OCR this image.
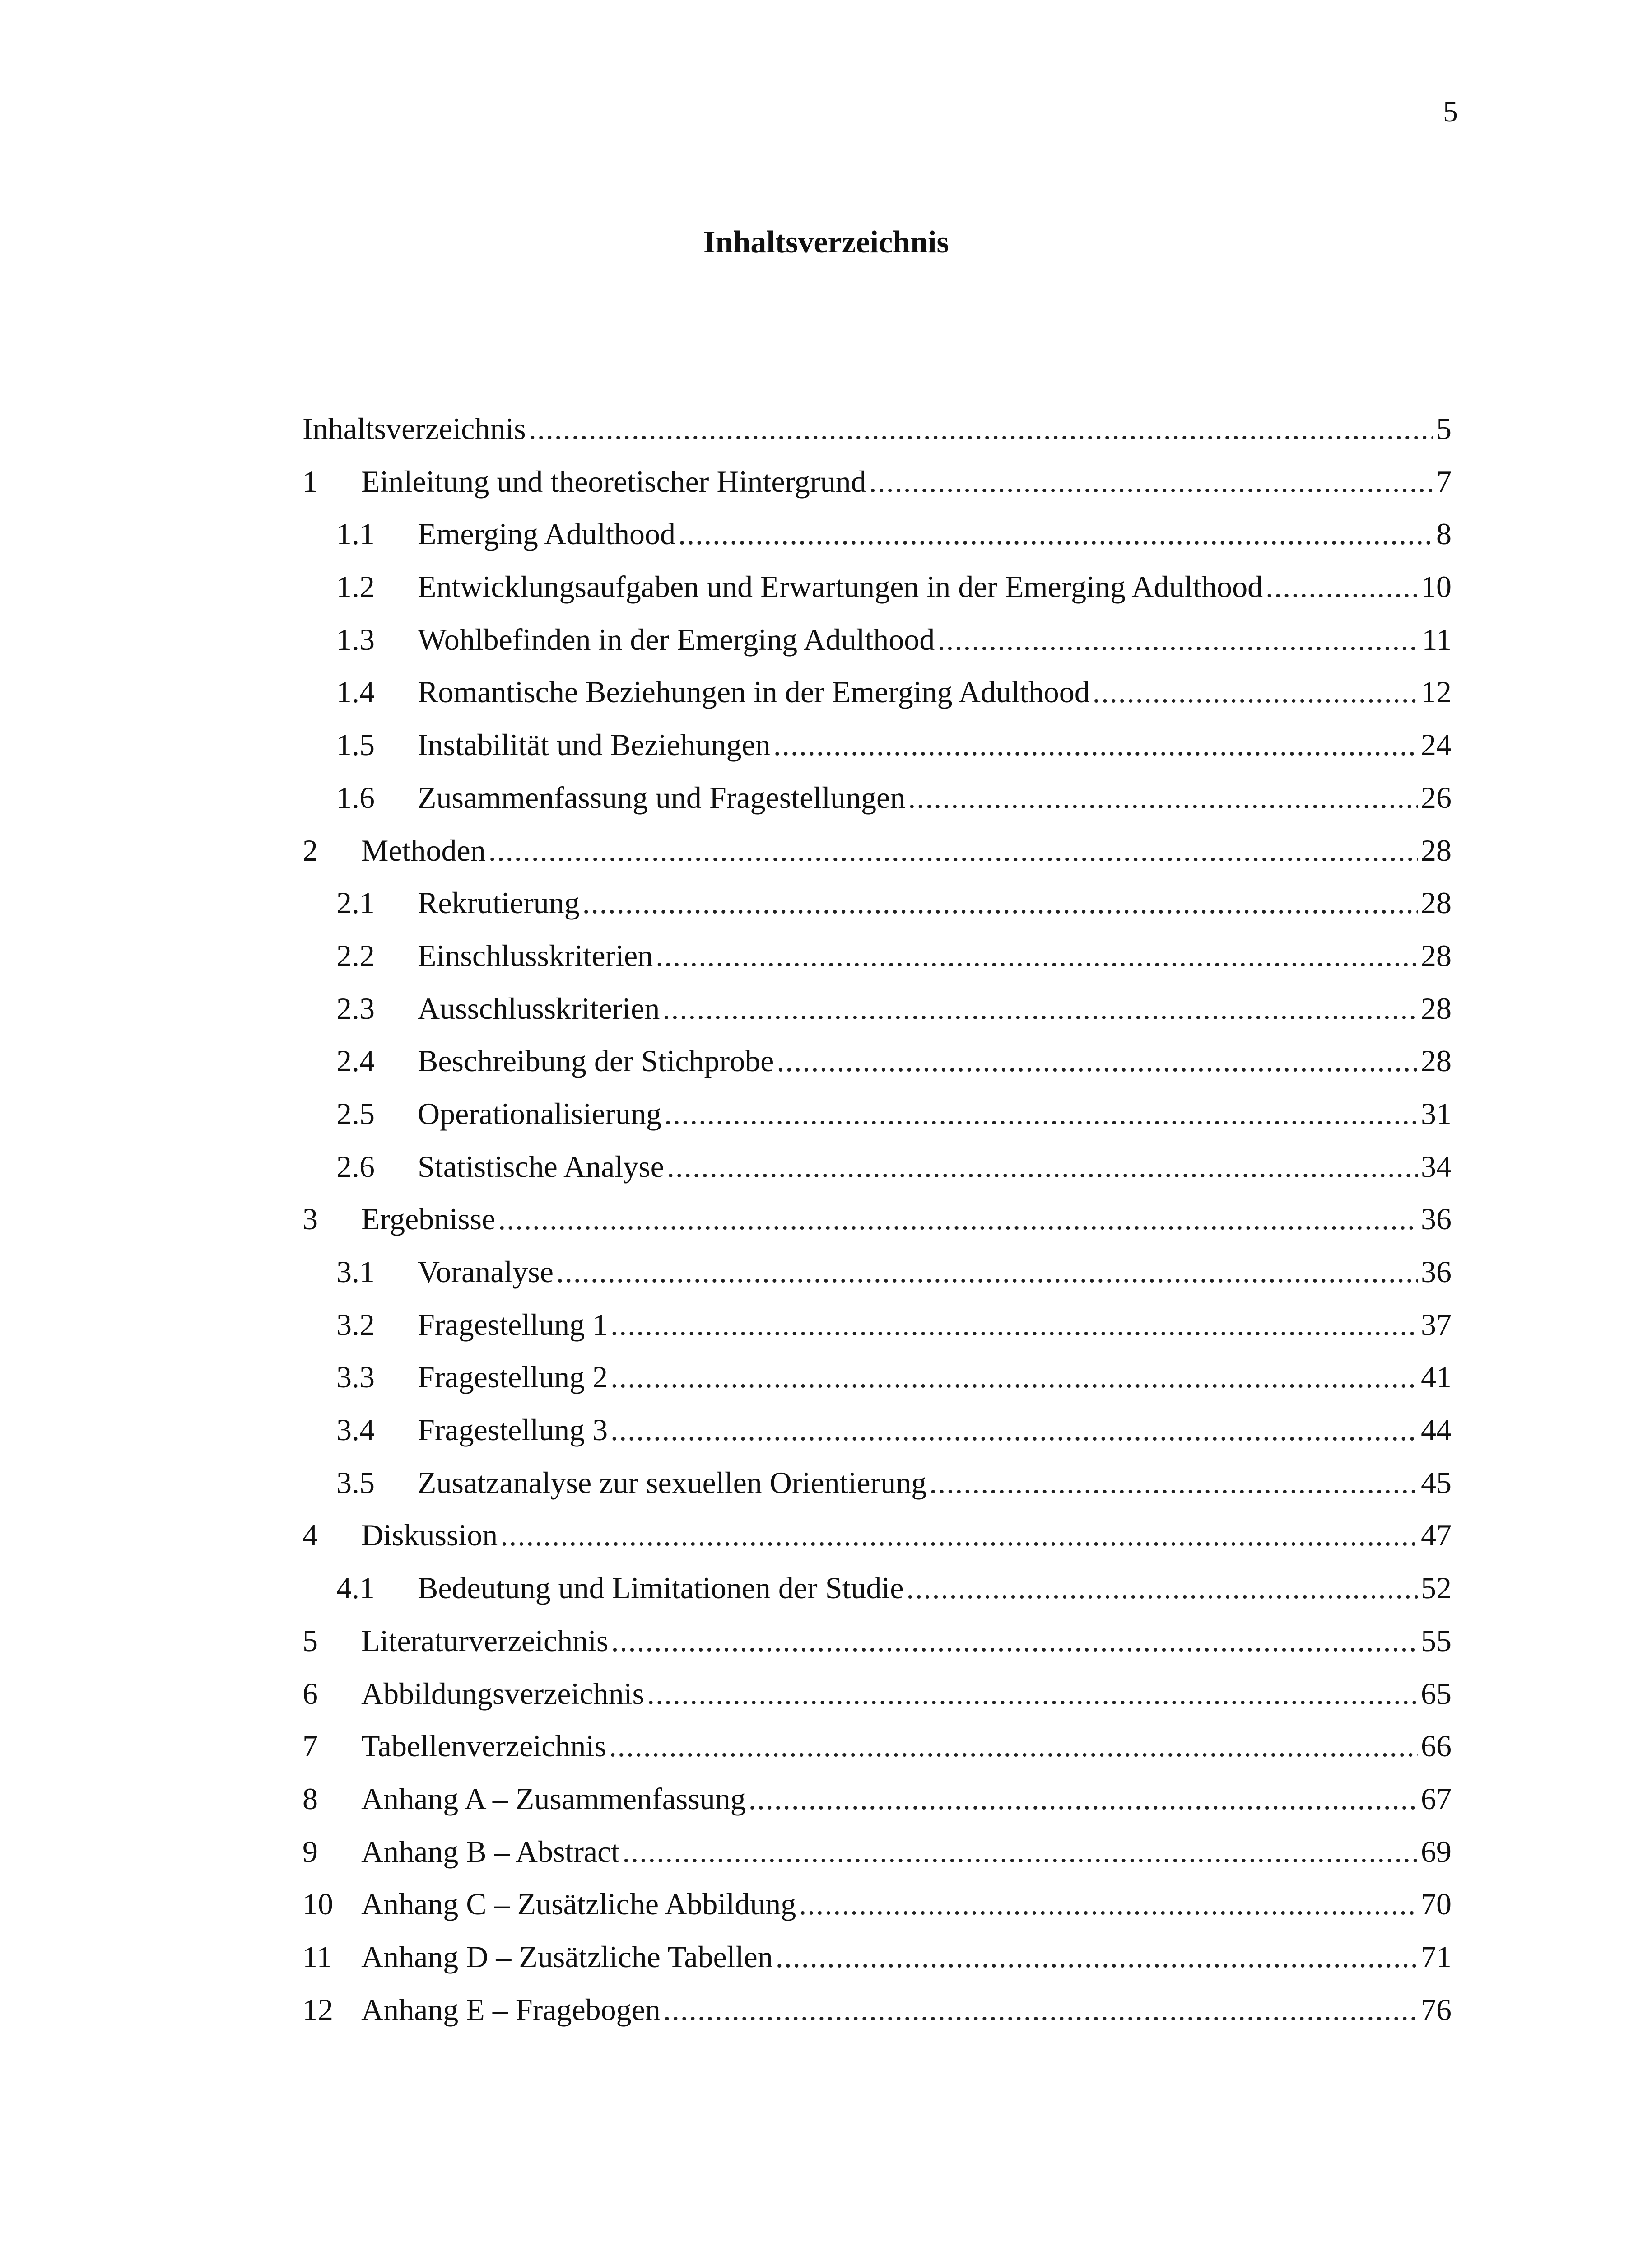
5
Inhaltsverzeichnis
Inhaltsverzeichnis .....	5
1	Einleitung und theoretischer Hintergrund .....	7
1.1	Emerging Adulthood .....	8
1.2	Entwicklungsaufgaben und Erwartungen in der Emerging Adulthood .....	10
1.3	Wohlbefinden in der Emerging Adulthood .....	11
1.4	Romantische Beziehungen in der Emerging Adulthood .....	12
1.5	Instabilität und Beziehungen .....	24
1.6	Zusammenfassung und Fragestellungen .....	26
2	Methoden .....	28
2.1	Rekrutierung .....	28
2.2	Einschlusskriterien .....	28
2.3	Ausschlusskriterien .....	28
2.4	Beschreibung der Stichprobe .....	28
2.5	Operationalisierung .....	31
2.6	Statistische Analyse .....	34
3	Ergebnisse .....	36
3.1	Voranalyse .....	36
3.2	Fragestellung 1 .....	37
3.3	Fragestellung 2 .....	41
3.4	Fragestellung 3 .....	44
3.5	Zusatzanalyse zur sexuellen Orientierung .....	45
4	Diskussion .....	47
4.1	Bedeutung und Limitationen der Studie .....	52
5	Literaturverzeichnis .....	55
6	Abbildungsverzeichnis .....	65
7	Tabellenverzeichnis .....	66
8	Anhang A – Zusammenfassung .....	67
9	Anhang B – Abstract .....	69
10 Anhang C – Zusätzliche Abbildung .....	70
11 Anhang D – Zusätzliche Tabellen .....	71
12 Anhang E – Fragebogen .....	76
